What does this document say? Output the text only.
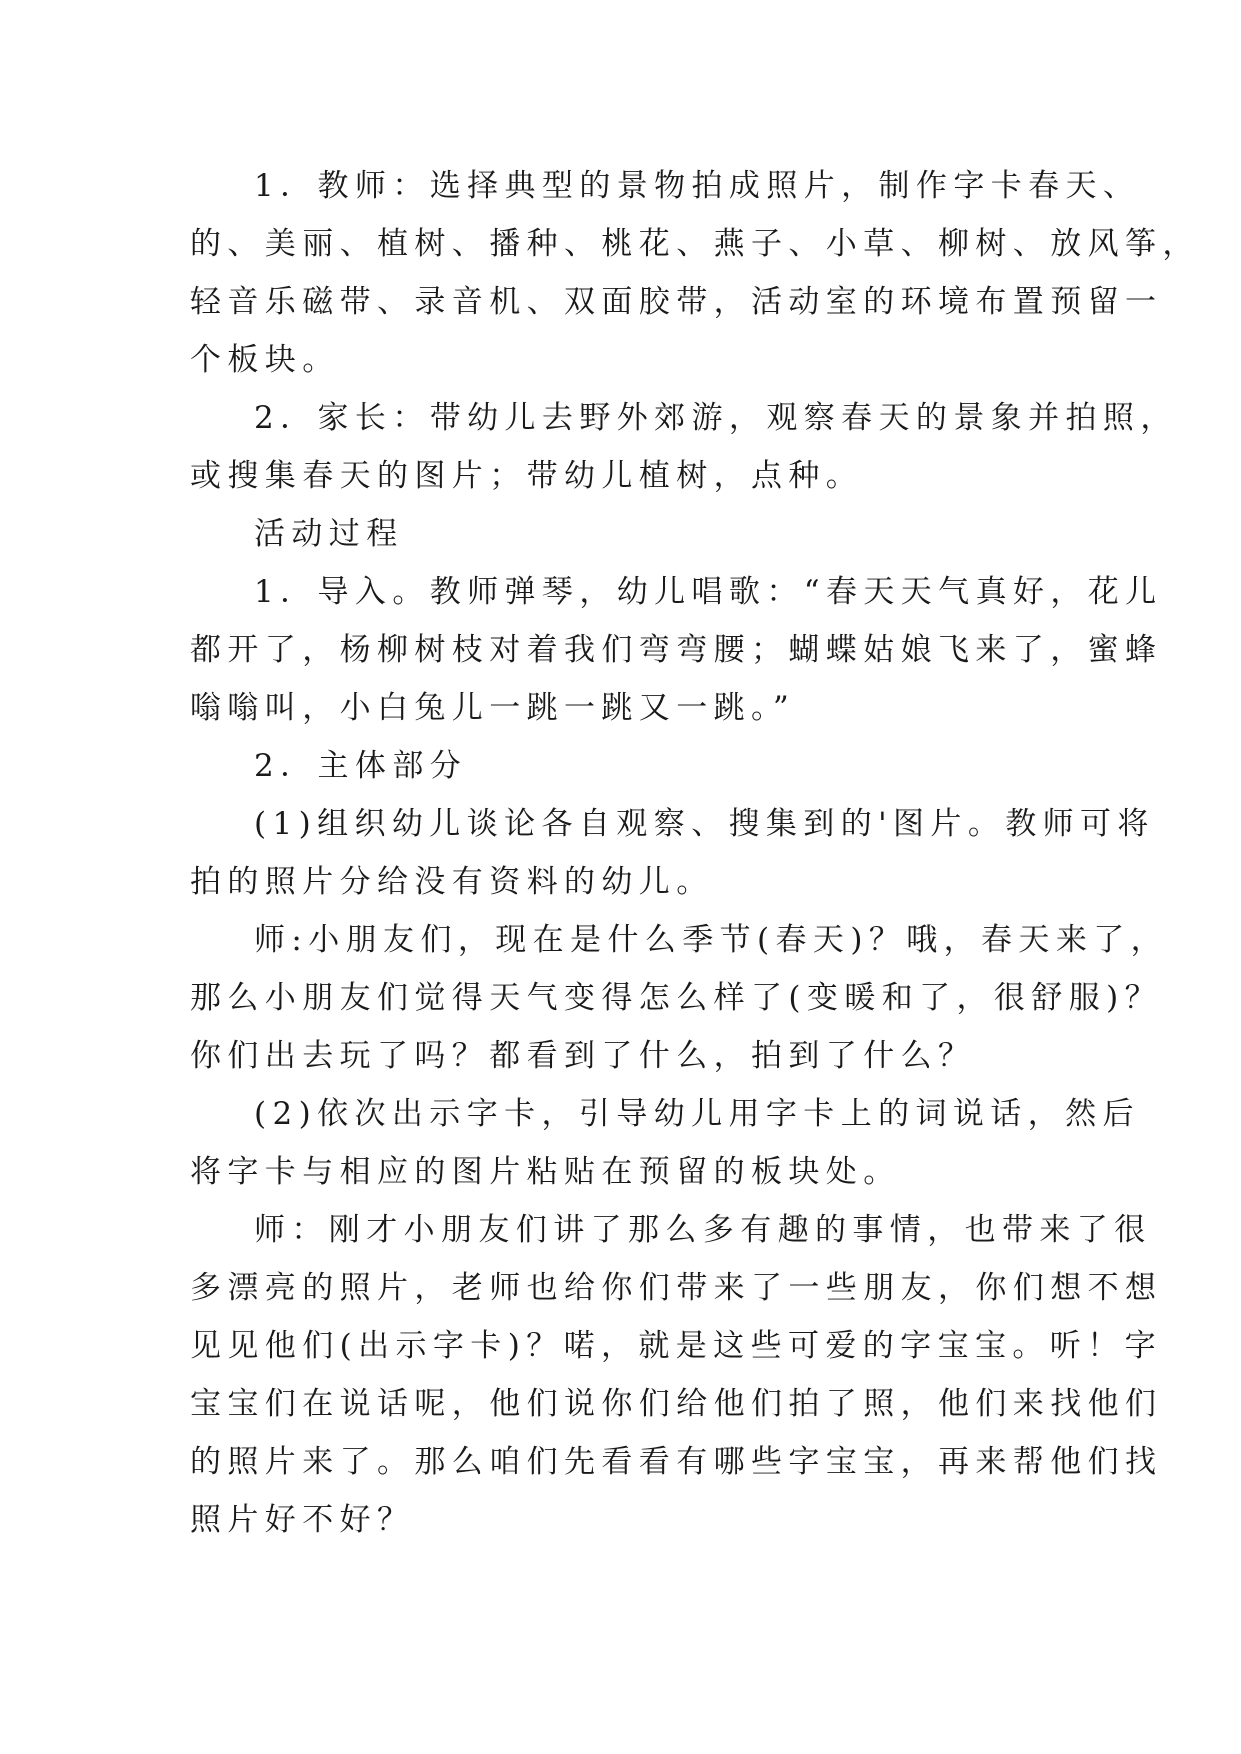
1．教师：选择典型的景物拍成照片，制作字卡春天、
的、美丽、植树、播种、桃花、燕子、小草、柳树、放风筝，
轻音乐磁带、录音机、双面胶带，活动室的环境布置预留一
个板块。
2．家长：带幼儿去野外郊游，观察春天的景象并拍照，
或搜集春天的图片；带幼儿植树，点种。
活动过程
1．导入。教师弹琴，幼儿唱歌：“春天天气真好，花儿
都开了，杨柳树枝对着我们弯弯腰；蝴蝶姑娘飞来了，蜜蜂
嗡嗡叫，小白兔儿一跳一跳又一跳。”
2．主体部分
(1)组织幼儿谈论各自观察、搜集到的'图片。教师可将
拍的照片分给没有资料的幼儿。
师:小朋友们，现在是什么季节(春天)？哦，春天来了，
那么小朋友们觉得天气变得怎么样了(变暖和了，很舒服)？
你们出去玩了吗？都看到了什么，拍到了什么？
(2)依次出示字卡，引导幼儿用字卡上的词说话，然后
将字卡与相应的图片粘贴在预留的板块处。
师：刚才小朋友们讲了那么多有趣的事情，也带来了很
多漂亮的照片，老师也给你们带来了一些朋友，你们想不想
见见他们(出示字卡)？喏，就是这些可爱的字宝宝。听！字
宝宝们在说话呢，他们说你们给他们拍了照，他们来找他们
的照片来了。那么咱们先看看有哪些字宝宝，再来帮他们找
照片好不好？
